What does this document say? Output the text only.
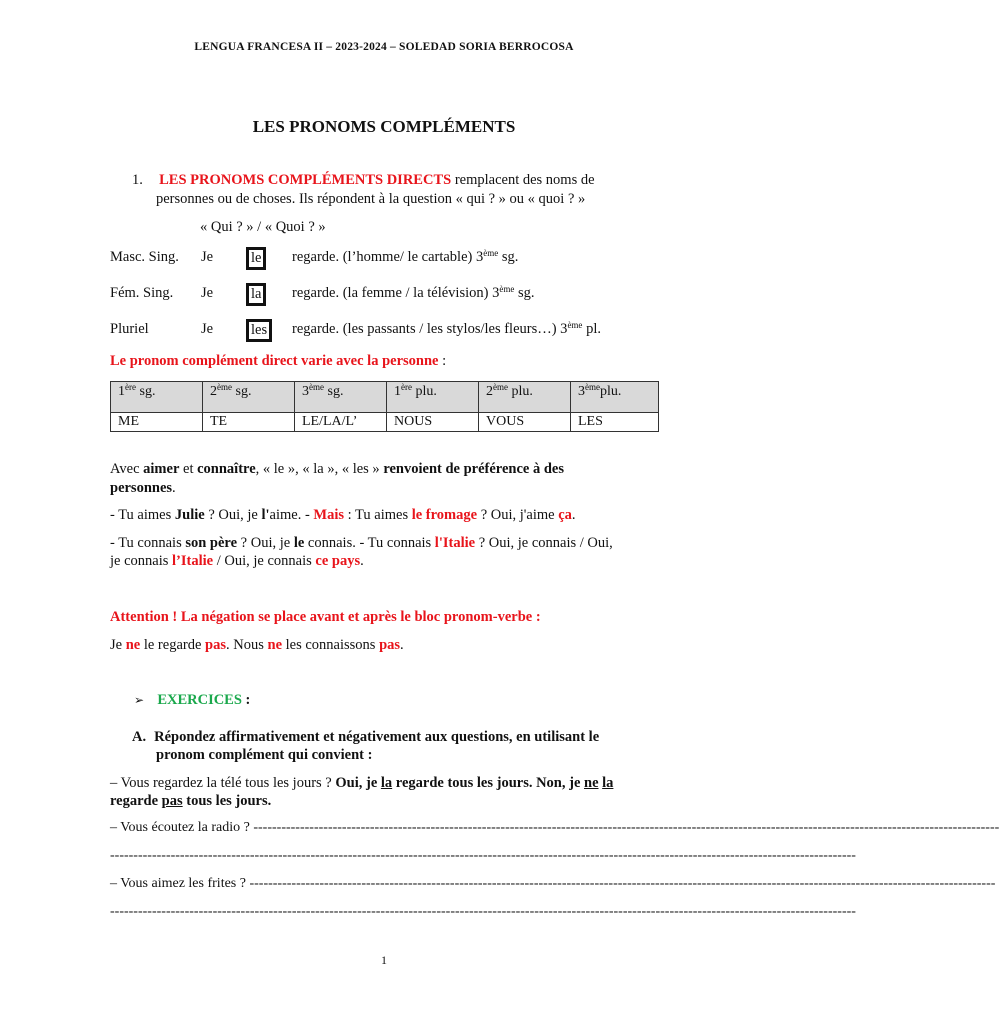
LENGUA FRANCESA II – 2023-2024 – SOLEDAD SORIA BERROCOSA
LES PRONOMS COMPLÉMENTS
1. LES PRONOMS COMPLÉMENTS DIRECTS remplacent des noms de
personnes ou de choses. Ils répondent à la question « qui ? » ou « quoi ? »
« Qui ? » / « Quoi ? »
Masc. Sing. Je	le	regarde. (l’homme/ le cartable) 3ème sg.
Fém. Sing. Je	la	regarde. (la femme / la télévision) 3ème sg.
Pluriel	Je	les	regarde. (les passants / les stylos/les fleurs…) 3ème pl.
Le pronom complément direct varie avec la personne :
1ère sg.	2ème sg.	3ème sg.	1ère plu.	2ème plu.	3èmeplu.
ME	TE	LE/LA/L’	NOUS	VOUS	LES
Avec aimer et connaître, « le », « la », « les » renvoient de préférence à des
personnes.
- Tu aimes Julie ? Oui, je l'aime. - Mais : Tu aimes le fromage ? Oui, j'aime ça.
- Tu connais son père ? Oui, je le connais. - Tu connais l'Italie ? Oui, je connais / Oui,
je connais l’Italie / Oui, je connais ce pays.
Attention ! La négation se place avant et après le bloc pronom-verbe :
Je ne le regarde pas. Nous ne les connaissons pas.
➢ EXERCICES :
A. Répondez affirmativement et négativement aux questions, en utilisant le
pronom complément qui convient :
– Vous regardez la télé tous les jours ? Oui, je la regarde tous les jours. Non, je ne la
regarde pas tous les jours.
– Vous écoutez la radio ? ----------------------------------------------------------------------------------------------------------------------------------------------------------------
----------------------------------------------------------------------------------------------------------------------------------------------------------------
– Vous aimez les frites ? ----------------------------------------------------------------------------------------------------------------------------------------------------------------
----------------------------------------------------------------------------------------------------------------------------------------------------------------
1
